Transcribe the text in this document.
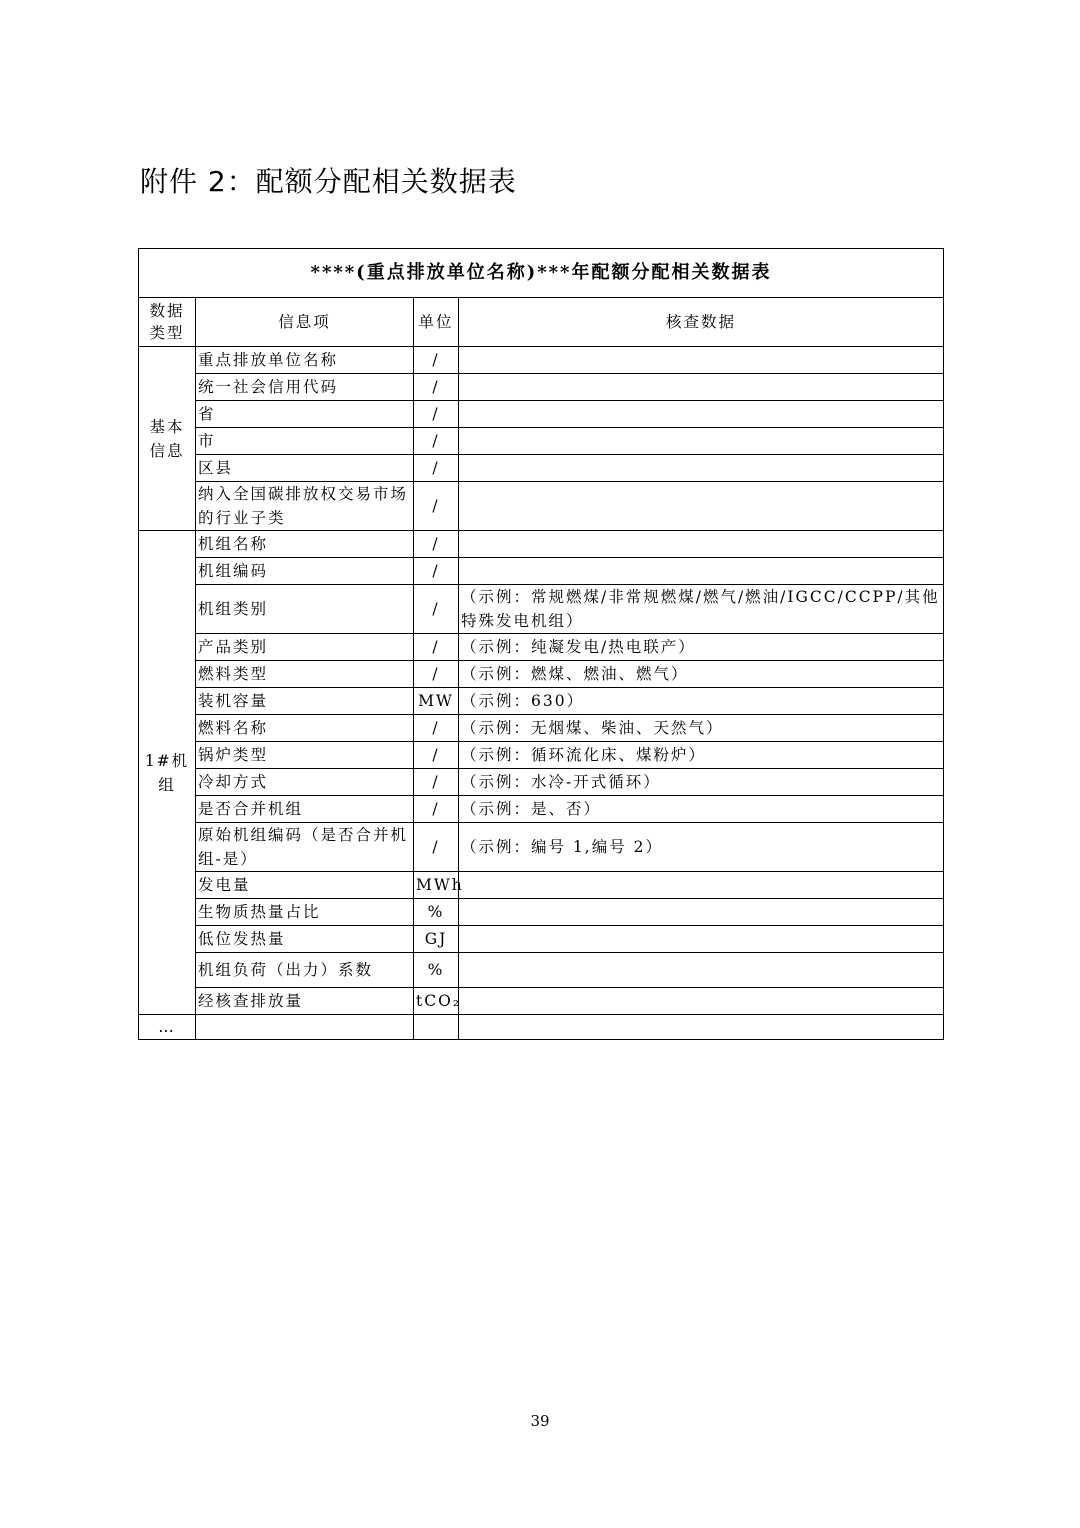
附件 2：配额分配相关数据表
****(重点排放单位名称)***年配额分配相关数据表			
数据类型	信息项	单位	核查数据
基本信息	重点排放单位名称	/	
	统一社会信用代码	/	
	省	/	
	市	/	
	区县	/	
	纳入全国碳排放权交易市场的行业子类	/	
1#机组	机组名称	/	
	机组编码	/	
	机组类别	/	（示例：常规燃煤/非常规燃煤/燃气/燃油/IGCC/CCPP/其他特殊发电机组）
	产品类别	/	（示例：纯凝发电/热电联产）
	燃料类型	/	（示例：燃煤、燃油、燃气）
	装机容量	MW	（示例：630）
	燃料名称	/	（示例：无烟煤、柴油、天然气）
	锅炉类型	/	（示例：循环流化床、煤粉炉）
	冷却方式	/	（示例：水冷-开式循环）
	是否合并机组	/	（示例：是、否）
	原始机组编码（是否合并机组-是）	/	（示例：编号 1,编号 2）
	发电量	MWh	
	生物质热量占比	%	
	低位发热量	GJ	
	机组负荷（出力）系数	%	
	经核查排放量	tCO₂	
…			
39
